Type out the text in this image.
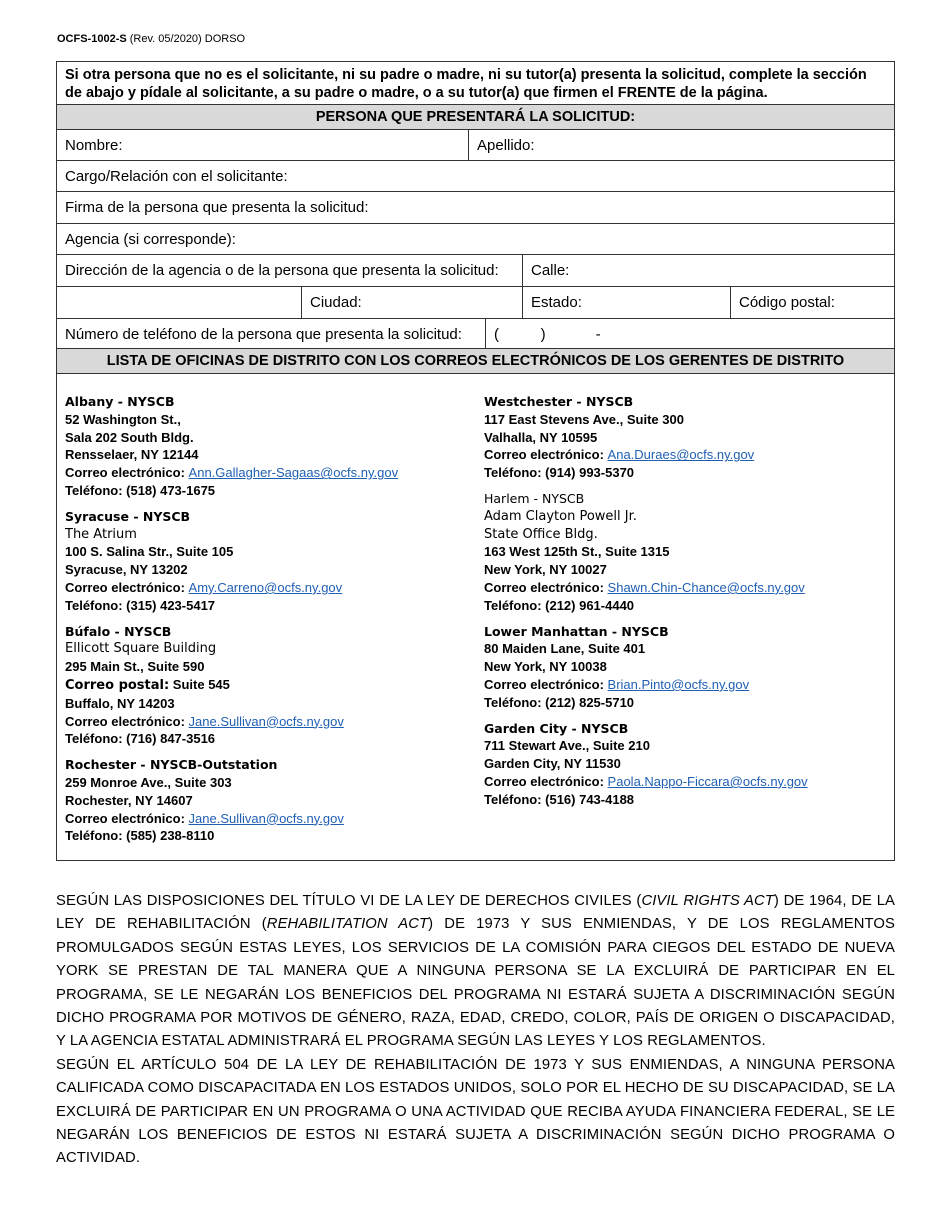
OCFS-1002-S (Rev. 05/2020) DORSO
Si otra persona que no es el solicitante, ni su padre o madre, ni su tutor(a) presenta la solicitud, complete la sección de abajo y pídale al solicitante, a su padre o madre, o a su tutor(a) que firmen el FRENTE de la página.
PERSONA QUE PRESENTARÁ LA SOLICITUD:
Nombre:	Apellido:
Cargo/Relación con el solicitante:
Firma de la persona que presenta la solicitud:
Agencia (si corresponde):
Dirección de la agencia o de la persona que presenta la solicitud: Calle:
Ciudad:	Estado:	Código postal:
Número de teléfono de la persona que presenta la solicitud: (          )            -
LISTA DE OFICINAS DE DISTRITO CON LOS CORREOS ELECTRÓNICOS DE LOS GERENTES DE DISTRITO
Albany - NYSCB
52 Washington St.,
Sala 202 South Bldg.
Rensselaer, NY 12144
Correo electrónico: Ann.Gallagher-Sagaas@ocfs.ny.gov
Teléfono: (518) 473-1675
Syracuse - NYSCB
The Atrium
100 S. Salina Str., Suite 105
Syracuse, NY 13202
Correo electrónico: Amy.Carreno@ocfs.ny.gov
Teléfono: (315) 423-5417
Búfalo - NYSCB
Ellicott Square Building
295 Main St., Suite 590
Correo postal: Suite 545
Buffalo, NY 14203
Correo electrónico: Jane.Sullivan@ocfs.ny.gov
Teléfono: (716) 847-3516
Rochester - NYSCB-Outstation
259 Monroe Ave., Suite 303
Rochester, NY 14607
Correo electrónico: Jane.Sullivan@ocfs.ny.gov
Teléfono: (585) 238-8110
Westchester - NYSCB
117 East Stevens Ave., Suite 300
Valhalla, NY 10595
Correo electrónico: Ana.Duraes@ocfs.ny.gov
Teléfono: (914) 993-5370
Harlem - NYSCB
Adam Clayton Powell Jr.
State Office Bldg.
163 West 125th St., Suite 1315
New York, NY 10027
Correo electrónico: Shawn.Chin-Chance@ocfs.ny.gov
Teléfono: (212) 961-4440
Lower Manhattan - NYSCB
80 Maiden Lane, Suite 401
New York, NY 10038
Correo electrónico: Brian.Pinto@ocfs.ny.gov
Teléfono: (212) 825-5710
Garden City - NYSCB
711 Stewart Ave., Suite 210
Garden City, NY 11530
Correo electrónico: Paola.Nappo-Ficcara@ocfs.ny.gov
Teléfono: (516) 743-4188

SEGÚN LAS DISPOSICIONES DEL TÍTULO VI DE LA LEY DE DERECHOS CIVILES (CIVIL RIGHTS ACT) DE 1964, DE LA LEY DE REHABILITACIÓN (REHABILITATION ACT) DE 1973 Y SUS ENMIENDAS, Y DE LOS REGLAMENTOS PROMULGADOS SEGÚN ESTAS LEYES, LOS SERVICIOS DE LA COMISIÓN PARA CIEGOS DEL ESTADO DE NUEVA YORK SE PRESTAN DE TAL MANERA QUE A NINGUNA PERSONA SE LA EXCLUIRÁ DE PARTICIPAR EN EL PROGRAMA, SE LE NEGARÁN LOS BENEFICIOS DEL PROGRAMA NI ESTARÁ SUJETA A DISCRIMINACIÓN SEGÚN DICHO PROGRAMA POR MOTIVOS DE GÉNERO, RAZA, EDAD, CREDO, COLOR, PAÍS DE ORIGEN O DISCAPACIDAD, Y LA AGENCIA ESTATAL ADMINISTRARÁ EL PROGRAMA SEGÚN LAS LEYES Y LOS REGLAMENTOS.

SEGÚN EL ARTÍCULO 504 DE LA LEY DE REHABILITACIÓN DE 1973 Y SUS ENMIENDAS, A NINGUNA PERSONA CALIFICADA COMO DISCAPACITADA EN LOS ESTADOS UNIDOS, SOLO POR EL HECHO DE SU DISCAPACIDAD, SE LA EXCLUIRÁ DE PARTICIPAR EN UN PROGRAMA O UNA ACTIVIDAD QUE RECIBA AYUDA FINANCIERA FEDERAL, SE LE NEGARÁN LOS BENEFICIOS DE ESTOS NI ESTARÁ SUJETA A DISCRIMINACIÓN SEGÚN DICHO PROGRAMA O ACTIVIDAD.
